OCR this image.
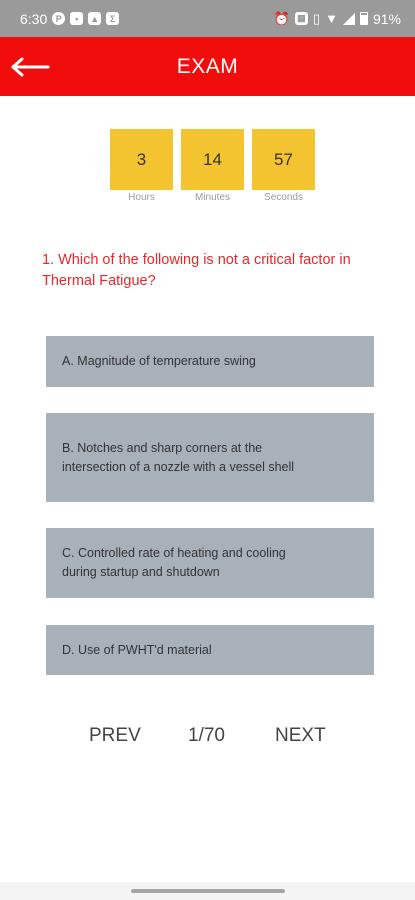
6:30 P	▪	▲	Σ	⏰ ▦ ▯ ▼	91%
EXAM
3
Hours
14
Minutes
57
Seconds
1. Which of the following is not a critical factor in Thermal Fatigue?
A. Magnitude of temperature swing
B. Notches and sharp corners at the intersection of a nozzle with a vessel shell
C. Controlled rate of heating and cooling during startup and shutdown
D. Use of PWHT'd material
PREV 1/70	NEXT
